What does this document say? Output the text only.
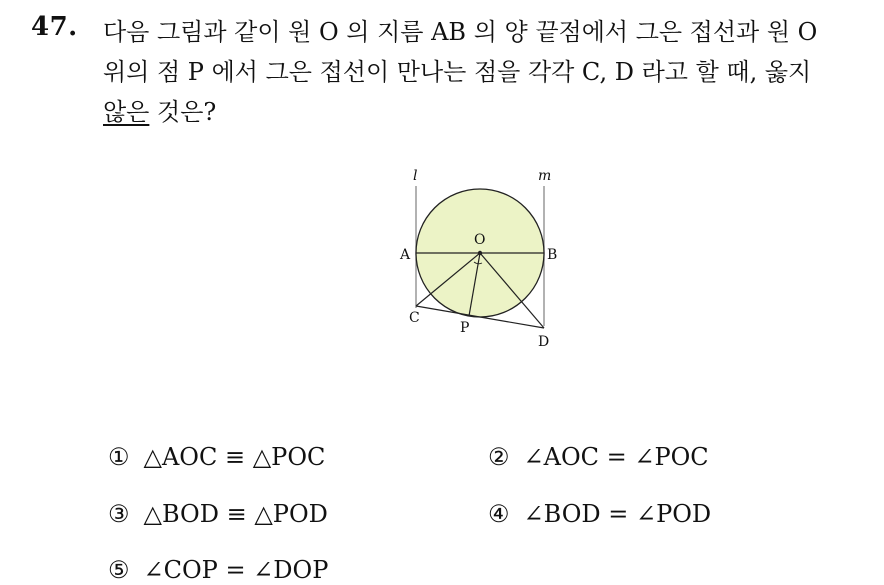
47. 다음 그림과 같이 원 O 의 지름 AB 의 양 끝점에서 그은 접선과 원 O
위의 점 P 에서 그은 접선이 만나는 점을 각각 C, D 라고 할 때, 옳지
않은 것은?
l	m
A	B
O
C
P
D
① △AOC ≡ △POC	② ∠AOC = ∠POC
③ △BOD ≡ △POD	④ ∠BOD = ∠POD
⑤ ∠COP = ∠DOP
